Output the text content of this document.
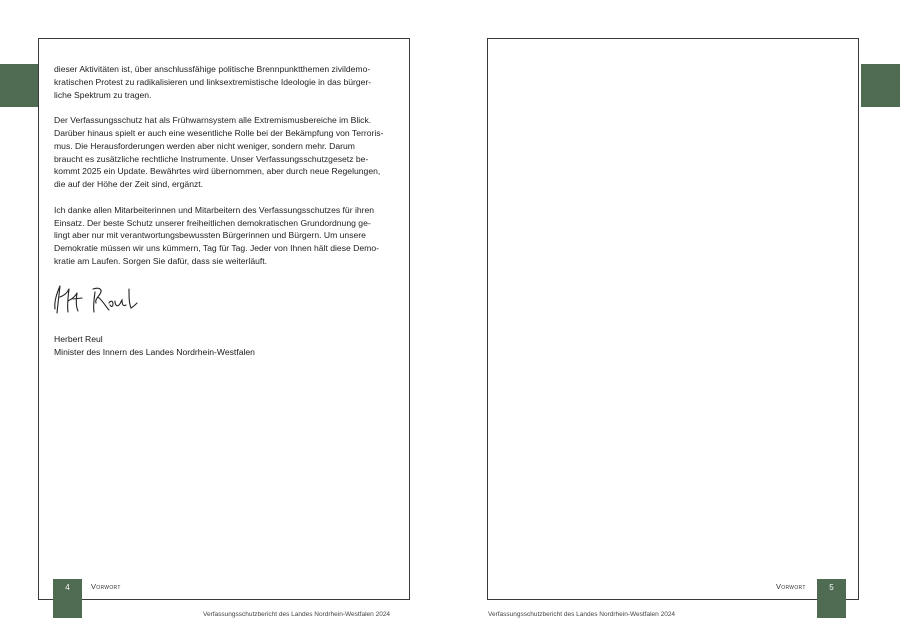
dieser Aktivitäten ist, über anschlussfähige politische Brennpunktthemen zivildemo-
kratischen Protest zu radikalisieren und linksextremistische Ideologie in das bürger-
liche Spektrum zu tragen.

Der Verfassungsschutz hat als Frühwarnsystem alle Extremismusbereiche im Blick.
Darüber hinaus spielt er auch eine wesentliche Rolle bei der Bekämpfung von Terroris-
mus. Die Herausforderungen werden aber nicht weniger, sondern mehr. Darum
braucht es zusätzliche rechtliche Instrumente. Unser Verfassungsschutzgesetz be-
kommt 2025 ein Update. Bewährtes wird übernommen, aber durch neue Regelungen,
die auf der Höhe der Zeit sind, ergänzt.

Ich danke allen Mitarbeiterinnen und Mitarbeitern des Verfassungsschutzes für ihren
Einsatz. Der beste Schutz unserer freiheitlichen demokratischen Grundordnung ge-
lingt aber nur mit verantwortungsbewussten Bürgerinnen und Bürgern. Um unsere
Demokratie müssen wir uns kümmern, Tag für Tag. Jeder von Ihnen hält diese Demo-
kratie am Laufen. Sorgen Sie dafür, dass sie weiterläuft.

Herbert Reul
Minister des Innern des Landes Nordrhein-Westfalen
4	Vorwort
Verfassungsschutzbericht des Landes Nordrhein-Westfalen 2024
5
Vorwort
Verfassungsschutzbericht des Landes Nordrhein-Westfalen 2024
